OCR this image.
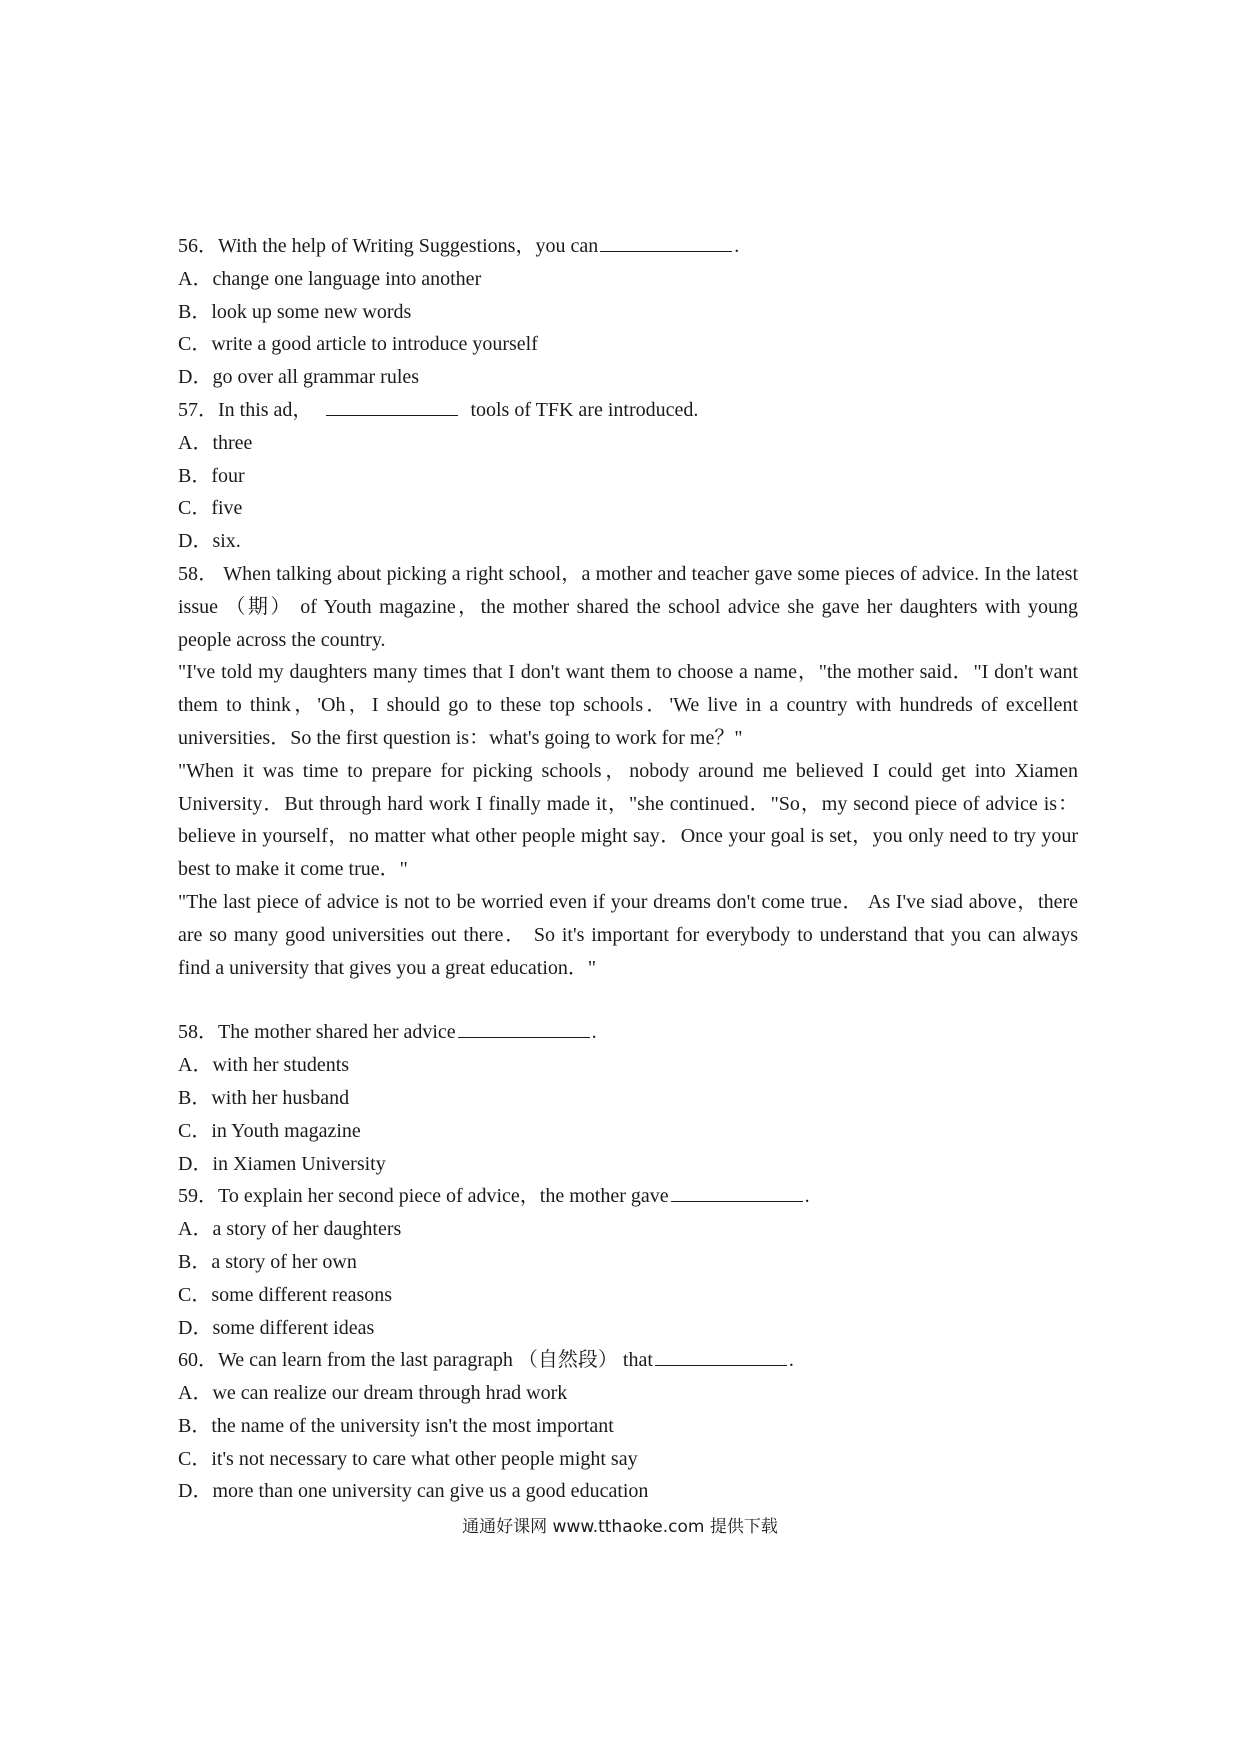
56．With the help of Writing Suggestions，you can	.
A．change one language into another
B．look up some new words
C．write a good article to introduce yourself
D．go over all grammar rules
57．In this ad，	tools of TFK are introduced.
A．three
B．four
C．five
D．six.
58． When talking about picking a right school，a mother and teacher gave some pieces of advice. In the latest issue （期） of Youth magazine，the mother shared the school advice she gave her daughters with young people across the country.
"I've told my daughters many times that I don't want them to choose a name，"the mother said．"I don't want them to think，'Oh，I should go to these top schools．'We live in a country with hundreds of excellent universities．So the first question is：what's going to work for me？"
"When it was time to prepare for picking schools，nobody around me believed I could get into Xiamen University．But through hard work I finally made it，"she continued．"So，my second piece of advice is：believe in yourself，no matter what other people might say．Once your goal is set，you only need to try your best to make it come true．"
"The last piece of advice is not to be worried even if your dreams don't come true． As I've siad above，there are so many good universities out there． So it's important for everybody to understand that you can always find a university that gives you a great education．"
58．The mother shared her advice	.
A．with her students
B．with her husband
C．in Youth magazine
D．in Xiamen University
59．To explain her second piece of advice，the mother gave	.
A．a story of her daughters
B．a story of her own
C．some different reasons
D．some different ideas
60．We can learn from the last paragraph （自然段） that	.
A．we can realize our dream through hrad work
B．the name of the university isn't the most important
C．it's not necessary to care what other people might say
D．more than one university can give us a good education
通通好课网 www.tthaoke.com 提供下载
